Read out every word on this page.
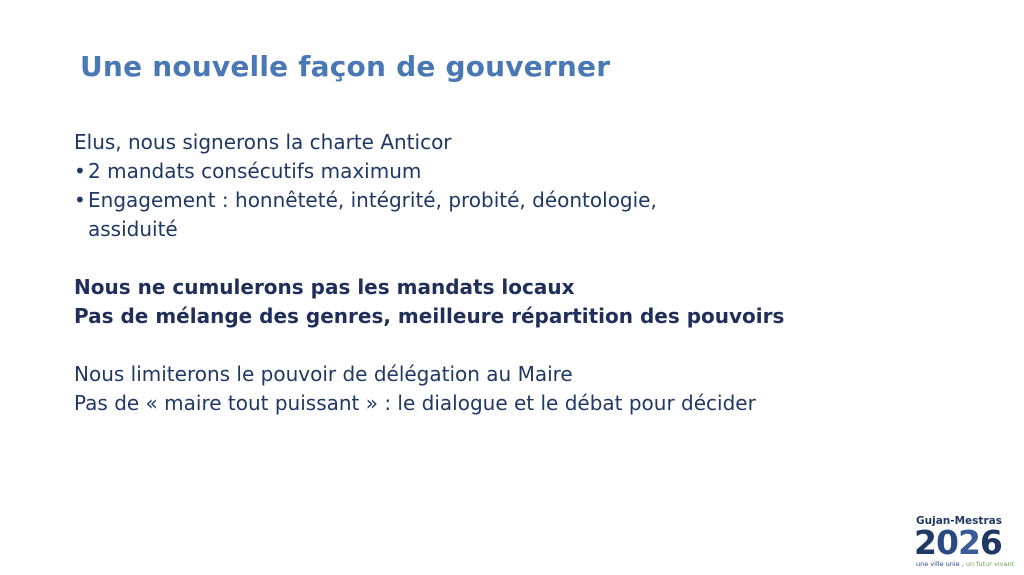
Une nouvelle façon de gouverner
Elus, nous signerons la charte Anticor
• 2 mandats consécutifs maximum
• Engagement : honnêteté, intégrité, probité, déontologie, assiduité
Nous ne cumulerons pas les mandats locaux
Pas de mélange des genres, meilleure répartition des pouvoirs
Nous limiterons le pouvoir de délégation au Maire
Pas de « maire tout puissant » : le dialogue et le débat pour décider
Gujan-Mestras
2026
une ville unie , un futur vivant
